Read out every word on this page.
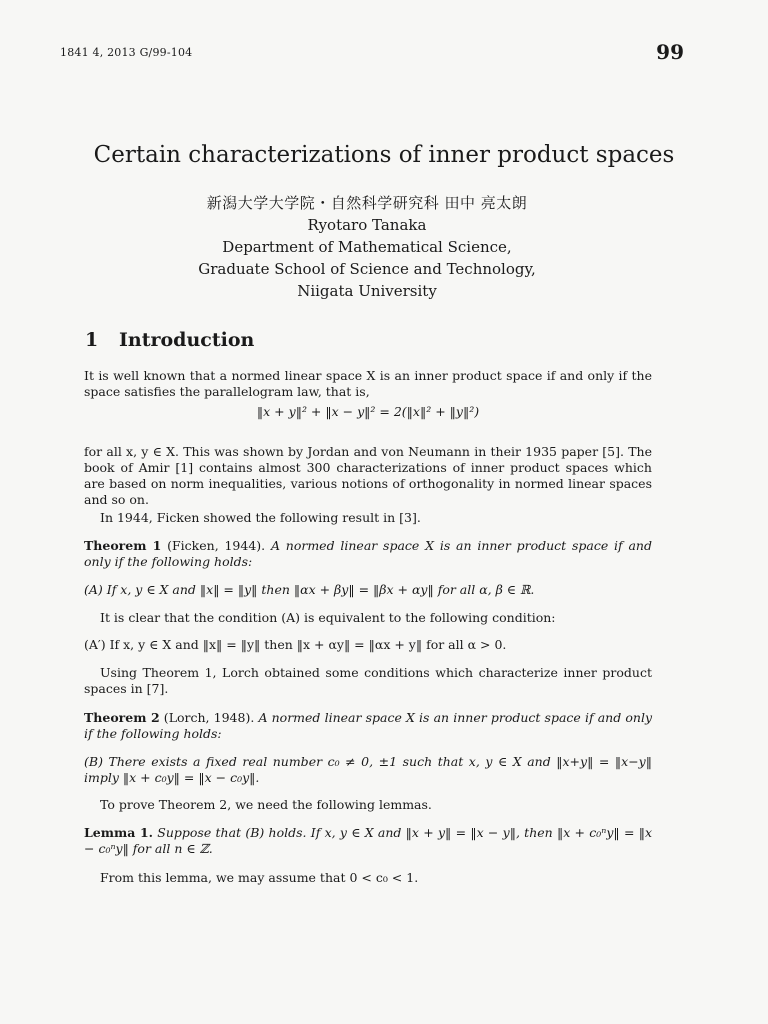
1841 4, 2013 G/99-104	99
Certain characterizations of inner product spaces
新潟大学大学院・自然科学研究科 田中 亮太朗
Ryotaro Tanaka
Department of Mathematical Science,
Graduate School of Science and Technology,
Niigata University
1 Introduction

It is well known that a normed linear space X is an inner product space if and only if the space satisfies the parallelogram law, that is,

‖x + y‖² + ‖x − y‖² = 2(‖x‖² + ‖y‖²)

for all x, y ∈ X. This was shown by Jordan and von Neumann in their 1935 paper [5]. The book of Amir [1] contains almost 300 characterizations of inner product spaces which are based on norm inequalities, various notions of orthogonality in normed linear spaces and so on.

In 1944, Ficken showed the following result in [3].

Theorem 1 (Ficken, 1944). A normed linear space X is an inner product space if and only if the following holds:

(A) If x, y ∈ X and ‖x‖ = ‖y‖ then ‖αx + βy‖ = ‖βx + αy‖ for all α, β ∈ ℝ.

It is clear that the condition (A) is equivalent to the following condition:

(A′) If x, y ∈ X and ‖x‖ = ‖y‖ then ‖x + αy‖ = ‖αx + y‖ for all α > 0.

Using Theorem 1, Lorch obtained some conditions which characterize inner product spaces in [7].

Theorem 2 (Lorch, 1948). A normed linear space X is an inner product space if and only if the following holds:

(B) There exists a fixed real number c₀ ≠ 0, ±1 such that x, y ∈ X and ‖x+y‖ = ‖x−y‖ imply ‖x + c₀y‖ = ‖x − c₀y‖.

To prove Theorem 2, we need the following lemmas.

Lemma 1. Suppose that (B) holds. If x, y ∈ X and ‖x + y‖ = ‖x − y‖, then ‖x + c₀ⁿy‖ = ‖x − c₀ⁿy‖ for all n ∈ ℤ.

From this lemma, we may assume that 0 < c₀ < 1.
